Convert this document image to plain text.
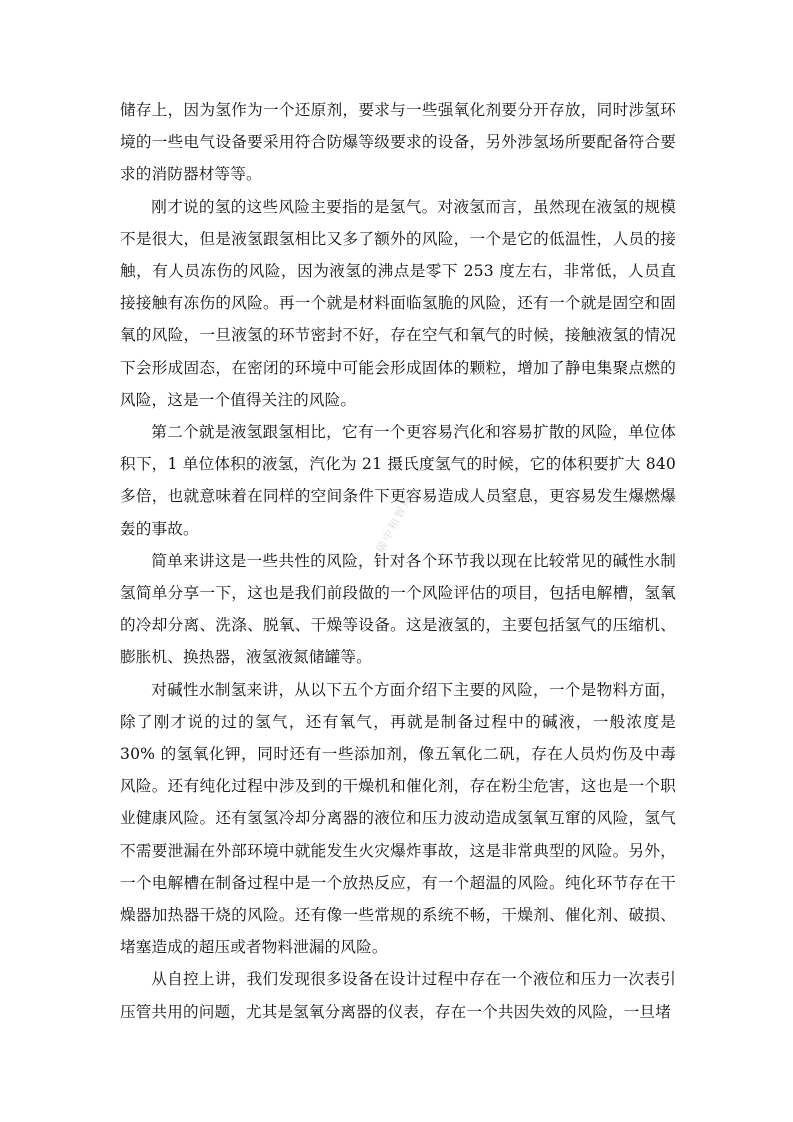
储存上，因为氢作为一个还原剂，要求与一些强氧化剂要分开存放，同时涉氢环境的一些电气设备要采用符合防爆等级要求的设备，另外涉氢场所要配备符合要求的消防器材等等。

刚才说的氢的这些风险主要指的是氢气。对液氢而言，虽然现在液氢的规模不是很大，但是液氢跟氢相比又多了额外的风险，一个是它的低温性，人员的接触，有人员冻伤的风险，因为液氢的沸点是零下 253 度左右，非常低，人员直接接触有冻伤的风险。再一个就是材料面临氢脆的风险，还有一个就是固空和固氧的风险，一旦液氢的环节密封不好，存在空气和氧气的时候，接触液氢的情况下会形成固态，在密闭的环境中可能会形成固体的颗粒，增加了静电集聚点燃的风险，这是一个值得关注的风险。

第二个就是液氢跟氢相比，它有一个更容易汽化和容易扩散的风险，单位体积下，1 单位体积的液氢，汽化为 21 摄氏度氢气的时候，它的体积要扩大 840 多倍，也就意味着在同样的空间条件下更容易造成人员窒息，更容易发生爆燃爆轰的事故。

简单来讲这是一些共性的风险，针对各个环节我以现在比较常见的碱性水制氢简单分享一下，这也是我们前段做的一个风险评估的项目，包括电解槽，氢氧的冷却分离、洗涤、脱氧、干燥等设备。这是液氢的，主要包括氢气的压缩机、膨胀机、换热器，液氢液氮储罐等。

对碱性水制氢来讲，从以下五个方面介绍下主要的风险，一个是物料方面，除了刚才说的过的氢气，还有氧气，再就是制备过程中的碱液，一般浓度是 30% 的氢氧化钾，同时还有一些添加剂，像五氧化二矾，存在人员灼伤及中毒风险。还有纯化过程中涉及到的干燥机和催化剂，存在粉尘危害，这也是一个职业健康风险。还有氢氢冷却分离器的液位和压力波动造成氢氧互窜的风险，氢气不需要泄漏在外部环境中就能发生火灾爆炸事故，这是非常典型的风险。另外，一个电解槽在制备过程中是一个放热反应，有一个超温的风险。纯化环节存在干燥器加热器干烧的风险。还有像一些常规的系统不畅，干燥剂、催化剂、破损、堵塞造成的超压或者物料泄漏的风险。

从自控上讲，我们发现很多设备在设计过程中存在一个液位和压力一次表引压管共用的问题，尤其是氢氧分离器的仪表，存在一个共因失效的风险，一旦堵

碳中和智库
